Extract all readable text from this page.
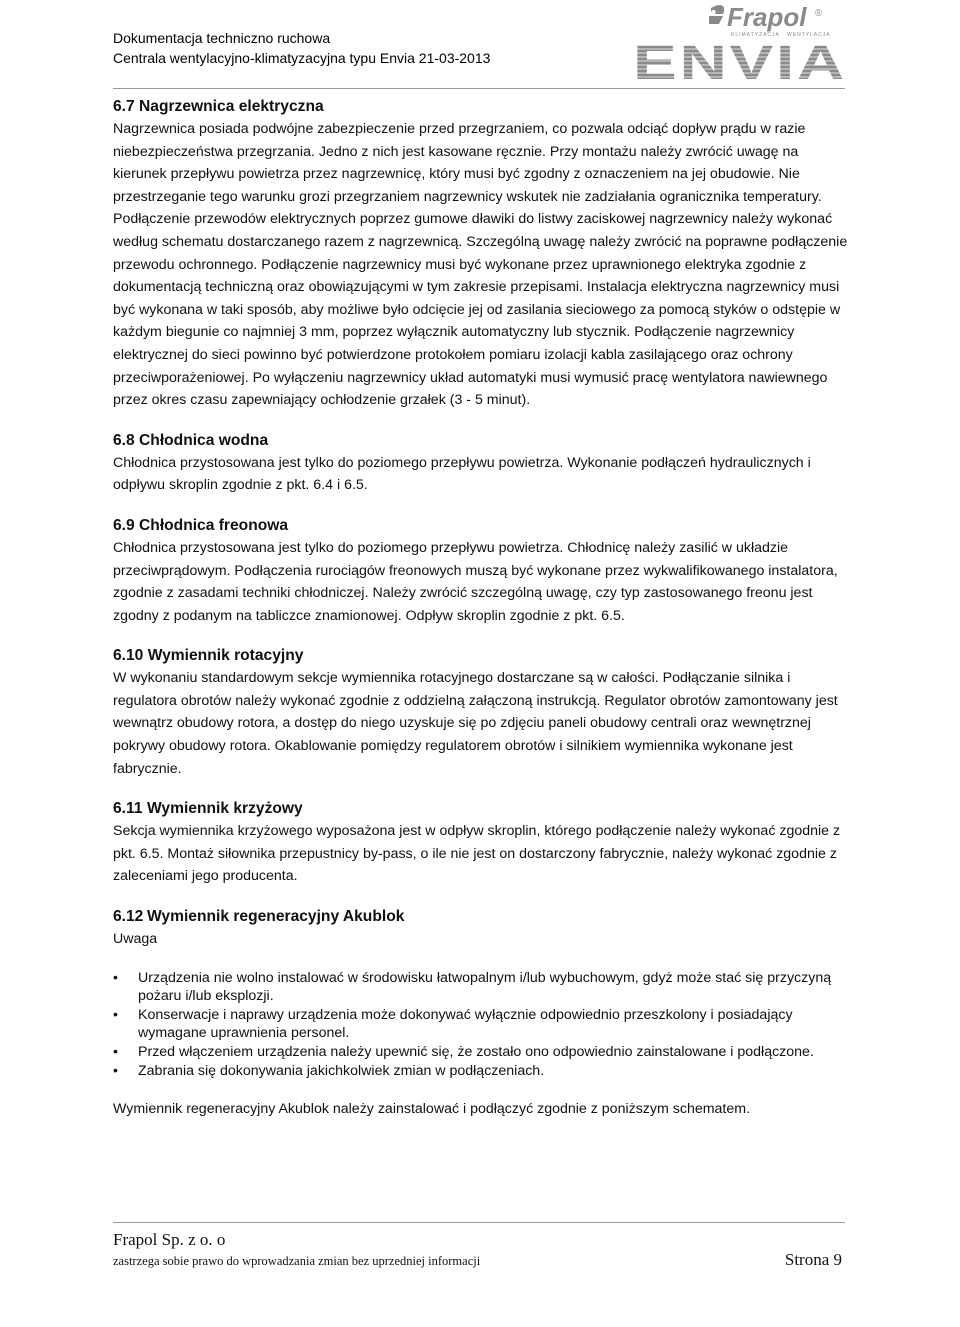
Dokumentacja techniczno ruchowa
Centrala wentylacyjno-klimatyzacyjna typu Envia 21-03-2013
Frapol ®
KLIMATYZACJA · WENTYLACJA
ENVIA
6.7 Nagrzewnica elektryczna

Nagrzewnica posiada podwójne zabezpieczenie przed przegrzaniem, co pozwala odciąć dopływ prądu w razie niebezpieczeństwa przegrzania. Jedno z nich jest kasowane ręcznie. Przy montażu należy zwrócić uwagę na kierunek przepływu powietrza przez nagrzewnicę, który musi być zgodny z oznaczeniem na jej obudowie. Nie przestrzeganie tego warunku grozi przegrzaniem nagrzewnicy wskutek nie zadziałania ogranicznika temperatury. Podłączenie przewodów elektrycznych poprzez gumowe dławiki do listwy zaciskowej nagrzewnicy należy wykonać według schematu dostarczanego razem z nagrzewnicą. Szczególną uwagę należy zwrócić na poprawne podłączenie przewodu ochronnego. Podłączenie nagrzewnicy musi być wykonane przez uprawnionego elektryka zgodnie z dokumentacją techniczną oraz obowiązującymi w tym zakresie przepisami. Instalacja elektryczna nagrzewnicy musi być wykonana w taki sposób, aby możliwe było odcięcie jej od zasilania sieciowego za pomocą styków o odstępie w każdym biegunie co najmniej 3 mm, poprzez wyłącznik automatyczny lub stycznik. Podłączenie nagrzewnicy elektrycznej do sieci powinno być potwierdzone protokołem pomiaru izolacji kabla zasilającego oraz ochrony przeciwporażeniowej. Po wyłączeniu nagrzewnicy układ automatyki musi wymusić pracę wentylatora nawiewnego przez okres czasu zapewniający ochłodzenie grzałek (3 - 5 minut).

6.8 Chłodnica wodna

Chłodnica przystosowana jest tylko do poziomego przepływu powietrza. Wykonanie podłączeń hydraulicznych i odpływu skroplin zgodnie z pkt. 6.4 i 6.5.

6.9 Chłodnica freonowa

Chłodnica przystosowana jest tylko do poziomego przepływu powietrza. Chłodnicę należy zasilić w układzie przeciwprądowym. Podłączenia rurociągów freonowych muszą być wykonane przez wykwalifikowanego instalatora, zgodnie z zasadami techniki chłodniczej. Należy zwrócić szczególną uwagę, czy typ zastosowanego freonu jest zgodny z podanym na tabliczce znamionowej. Odpływ skroplin zgodnie z pkt. 6.5.

6.10 Wymiennik rotacyjny

W wykonaniu standardowym sekcje wymiennika rotacyjnego dostarczane są w całości. Podłączanie silnika i regulatora obrotów należy wykonać zgodnie z oddzielną załączoną instrukcją. Regulator obrotów zamontowany jest wewnątrz obudowy rotora, a dostęp do niego uzyskuje się po zdjęciu paneli obudowy centrali oraz wewnętrznej pokrywy obudowy rotora. Okablowanie pomiędzy regulatorem obrotów i silnikiem wymiennika wykonane jest fabrycznie.

6.11 Wymiennik krzyżowy

Sekcja wymiennika krzyżowego wyposażona jest w odpływ skroplin, którego podłączenie należy wykonać zgodnie z pkt. 6.5. Montaż siłownika przepustnicy by-pass, o ile nie jest on dostarczony fabrycznie, należy wykonać zgodnie z zaleceniami jego producenta.

6.12 Wymiennik regeneracyjny Akublok

Uwaga

• Urządzenia nie wolno instalować w środowisku łatwopalnym i/lub wybuchowym, gdyż może stać się przyczyną pożaru i/lub eksplozji.
• Konserwacje i naprawy urządzenia może dokonywać wyłącznie odpowiednio przeszkolony i posiadający wymagane uprawnienia personel.
• Przed włączeniem urządzenia należy upewnić się, że zostało ono odpowiednio zainstalowane i podłączone.
• Zabrania się dokonywania jakichkolwiek zmian w podłączeniach.

Wymiennik regeneracyjny Akublok należy zainstalować i podłączyć zgodnie z poniższym schematem.

Frapol Sp. z o. o
zastrzega sobie prawo do wprowadzania zmian bez uprzedniej informacji	Strona 9
